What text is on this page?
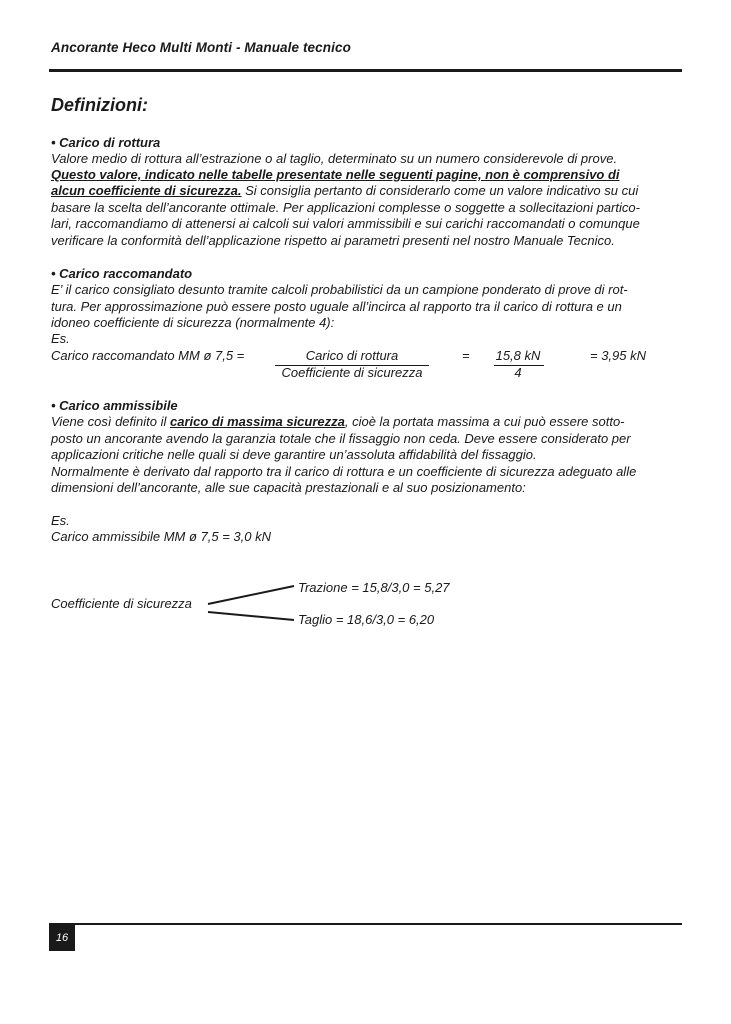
Ancorante Heco Multi Monti - Manuale tecnico
Definizioni:
• Carico di rottura
Valore medio di rottura all’estrazione o al taglio, determinato su un numero considerevole di prove.
Questo valore, indicato nelle tabelle presentate nelle seguenti pagine, non è comprensivo di
alcun coefficiente di sicurezza. Si consiglia pertanto di considerarlo come un valore indicativo su cui
basare la scelta dell’ancorante ottimale. Per applicazioni complesse o soggette a sollecitazioni partico-
lari, raccomandiamo di attenersi ai calcoli sui valori ammissibili e sui carichi raccomandati o comunque
verificare la conformità dell’applicazione rispetto ai parametri presenti nel nostro Manuale Tecnico.
• Carico raccomandato
E’ il carico consigliato desunto tramite calcoli probabilistici da un campione ponderato di prove di rot-
tura. Per approssimazione può essere posto uguale all’incirca al rapporto tra il carico di rottura e un
idoneo coefficiente di sicurezza (normalmente 4):
Es.
Carico raccomandato MM ø 7,5 =	Carico di rottura
Coefficiente di sicurezza
= 15,8 kN
4
= 3,95 kN
• Carico ammissibile
Viene così definito il carico di massima sicurezza, cioè la portata massima a cui può essere sotto-
posto un ancorante avendo la garanzia totale che il fissaggio non ceda. Deve essere considerato per
applicazioni critiche nelle quali si deve garantire un’assoluta affidabilità del fissaggio.
Normalmente è derivato dal rapporto tra il carico di rottura e un coefficiente di sicurezza adeguato alle
dimensioni dell’ancorante, alle sue capacità prestazionali e al suo posizionamento:
Es.
Carico ammissibile MM ø 7,5 = 3,0 kN
Coefficiente di sicurezza
Trazione = 15,8/3,0 = 5,27
Taglio = 18,6/3,0 = 6,20
16
